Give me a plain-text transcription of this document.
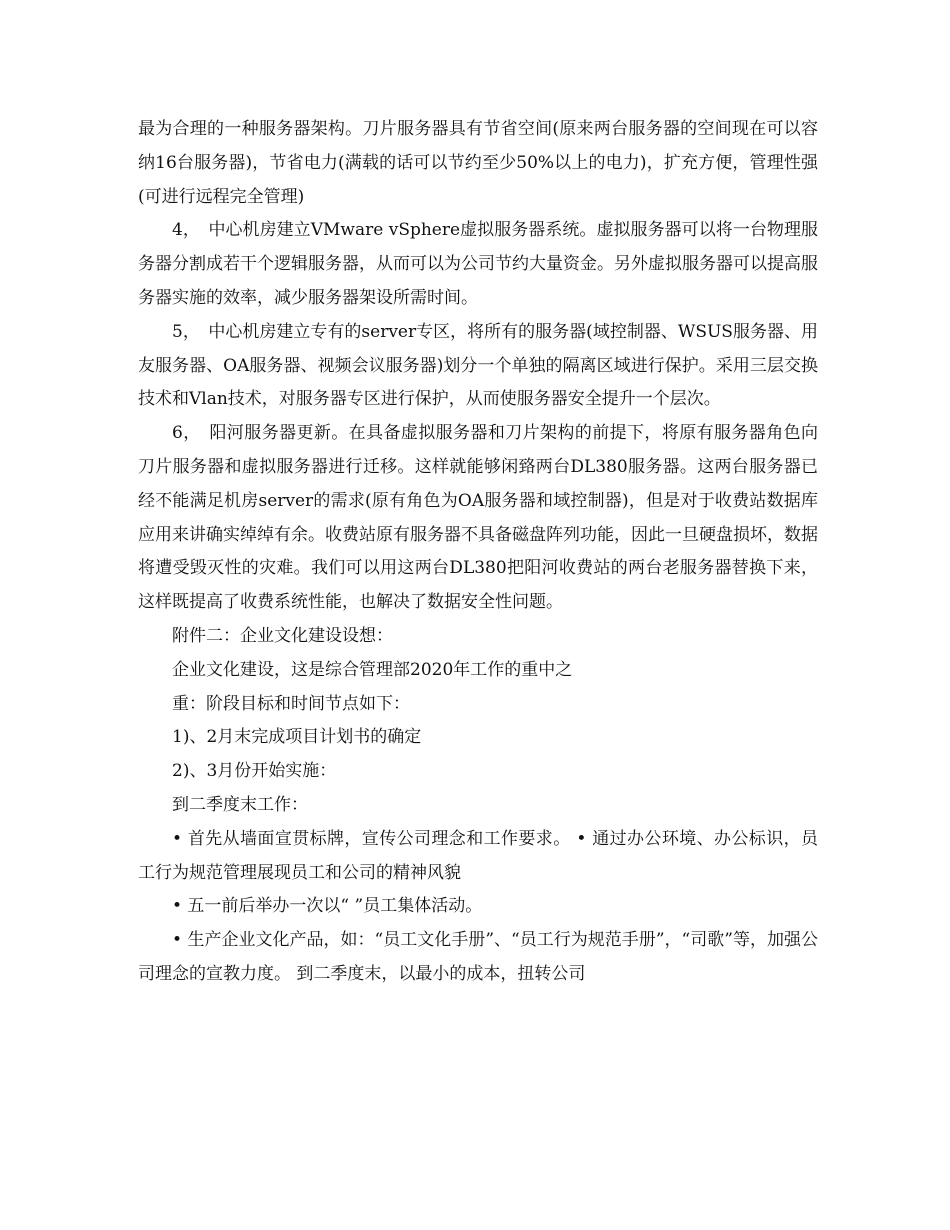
最为合理的一种服务器架构。刀片服务器具有节省空间(原来两台服务器的空间现在可以容纳16台服务器)，节省电力(满载的话可以节约至少50%以上的电力)，扩充方便，管理性强(可进行远程完全管理)

4，　中心机房建立VMware vSphere虚拟服务器系统。虚拟服务器可以将一台物理服务器分割成若干个逻辑服务器，从而可以为公司节约大量资金。另外虚拟服务器可以提高服务器实施的效率，减少服务器架设所需时间。

5，　中心机房建立专有的server专区，将所有的服务器(域控制器、WSUS服务器、用友服务器、OA服务器、视频会议服务器)划分一个单独的隔离区域进行保护。采用三层交换技术和Vlan技术，对服务器专区进行保护，从而使服务器安全提升一个层次。

6，　阳河服务器更新。在具备虚拟服务器和刀片架构的前提下，将原有服务器角色向刀片服务器和虚拟服务器进行迁移。这样就能够闲臵两台DL380服务器。这两台服务器已经不能满足机房server的需求(原有角色为OA服务器和域控制器)，但是对于收费站数据库应用来讲确实绰绰有余。收费站原有服务器不具备磁盘阵列功能，因此一旦硬盘损坏，数据将遭受毁灭性的灾难。我们可以用这两台DL380把阳河收费站的两台老服务器替换下来，这样既提高了收费系统性能，也解决了数据安全性问题。

附件二：企业文化建设设想：

企业文化建设，这是综合管理部2020年工作的重中之

重：阶段目标和时间节点如下：

1)、2月末完成项目计划书的确定

2)、3月份开始实施：

到二季度末工作：

• 首先从墙面宣贯标牌，宣传公司理念和工作要求。 • 通过办公环境、办公标识，员工行为规范管理展现员工和公司的精神风貌

• 五一前后举办一次以“ ”员工集体活动。

• 生产企业文化产品，如：“员工文化手册”、“员工行为规范手册”，“司歌”等，加强公司理念的宣教力度。 到二季度末，以最小的成本，扭转公司
